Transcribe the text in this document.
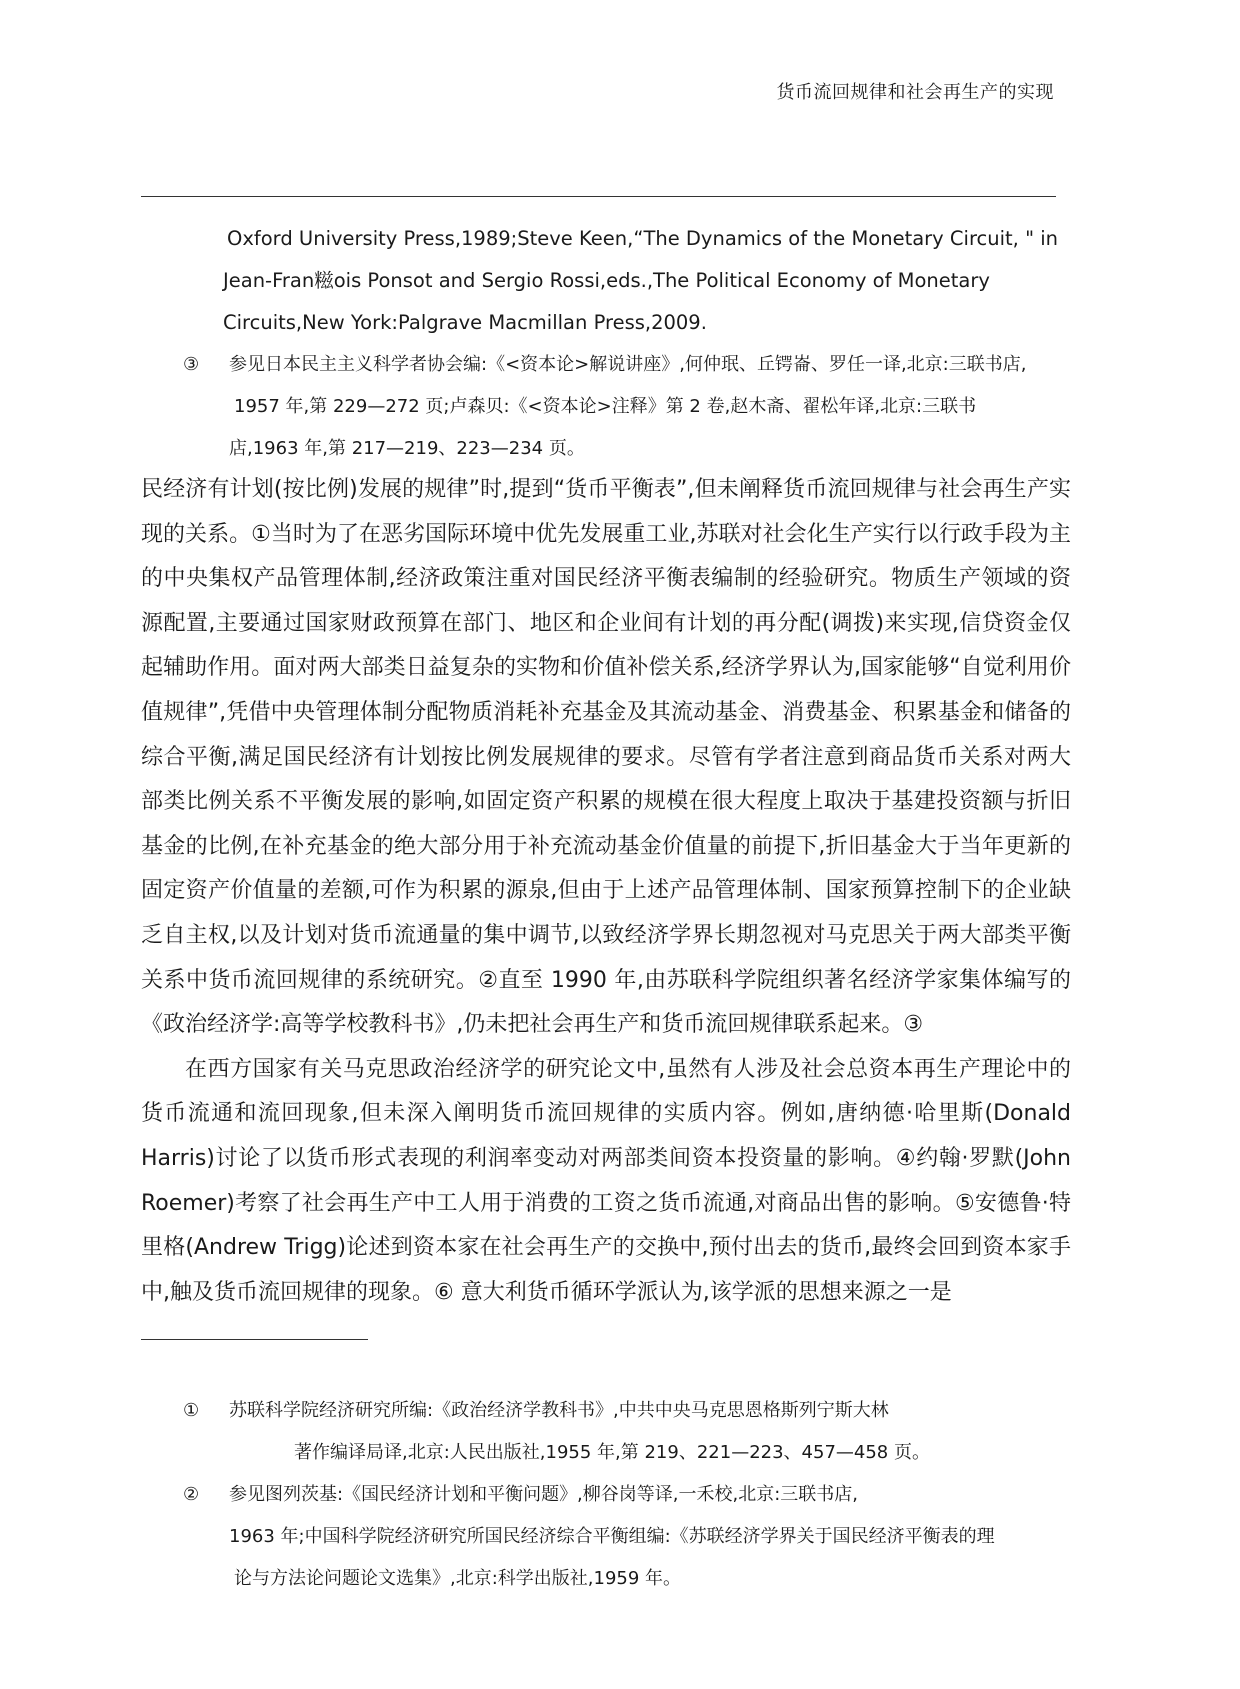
货币流回规律和社会再生产的实现
Oxford University Press,1989;Steve Keen,“The Dynamics of the Monetary Circuit, " in
Jean-Fran糍ois Ponsot and Sergio Rossi,eds.,The Political Economy of Monetary
Circuits,New York:Palgrave Macmillan Press,2009.
③	参见日本民主主义科学者协会编:《<资本论>解说讲座》,何仲珉、丘锷崙、罗任一译,北京:三联书店,
1957 年,第 229—272 页;卢森贝:《<资本论>注释》第 2 卷,赵木斋、翟松年译,北京:三联书
店,1963 年,第 217—219、223—234 页。

民经济有计划(按比例)发展的规律”时,提到“货币平衡表”,但未阐释货币流回规律与社会再生产实现的关系。①当时为了在恶劣国际环境中优先发展重工业,苏联对社会化生产实行以行政手段为主的中央集权产品管理体制,经济政策注重对国民经济平衡表编制的经验研究。物质生产领域的资源配置,主要通过国家财政预算在部门、地区和企业间有计划的再分配(调拨)来实现,信贷资金仅起辅助作用。面对两大部类日益复杂的实物和价值补偿关系,经济学界认为,国家能够“自觉利用价值规律”,凭借中央管理体制分配物质消耗补充基金及其流动基金、消费基金、积累基金和储备的综合平衡,满足国民经济有计划按比例发展规律的要求。尽管有学者注意到商品货币关系对两大部类比例关系不平衡发展的影响,如固定资产积累的规模在很大程度上取决于基建投资额与折旧基金的比例,在补充基金的绝大部分用于补充流动基金价值量的前提下,折旧基金大于当年更新的固定资产价值量的差额,可作为积累的源泉,但由于上述产品管理体制、国家预算控制下的企业缺乏自主权,以及计划对货币流通量的集中调节,以致经济学界长期忽视对马克思关于两大部类平衡关系中货币流回规律的系统研究。②直至 1990 年,由苏联科学院组织著名经济学家集体编写的《政治经济学:高等学校教科书》,仍未把社会再生产和货币流回规律联系起来。③

在西方国家有关马克思政治经济学的研究论文中,虽然有人涉及社会总资本再生产理论中的货币流通和流回现象,但未深入阐明货币流回规律的实质内容。例如,唐纳德·哈里斯(Donald Harris)讨论了以货币形式表现的利润率变动对两部类间资本投资量的影响。④约翰·罗默(John Roemer)考察了社会再生产中工人用于消费的工资之货币流通,对商品出售的影响。⑤安德鲁·特里格(Andrew Trigg)论述到资本家在社会再生产的交换中,预付出去的货币,最终会回到资本家手中,触及货币流回规律的现象。⑥ 意大利货币循环学派认为,该学派的思想来源之一是

①	苏联科学院经济研究所编:《政治经济学教科书》,中共中央马克思恩格斯列宁斯大林
著作编译局译,北京:人民出版社,1955 年,第 219、221—223、457—458 页。
②	参见图列茨基:《国民经济计划和平衡问题》,柳谷岗等译,一禾校,北京:三联书店,
1963 年;中国科学院经济研究所国民经济综合平衡组编:《苏联经济学界关于国民经济平衡表的理
论与方法论问题论文选集》,北京:科学出版社,1959 年。
